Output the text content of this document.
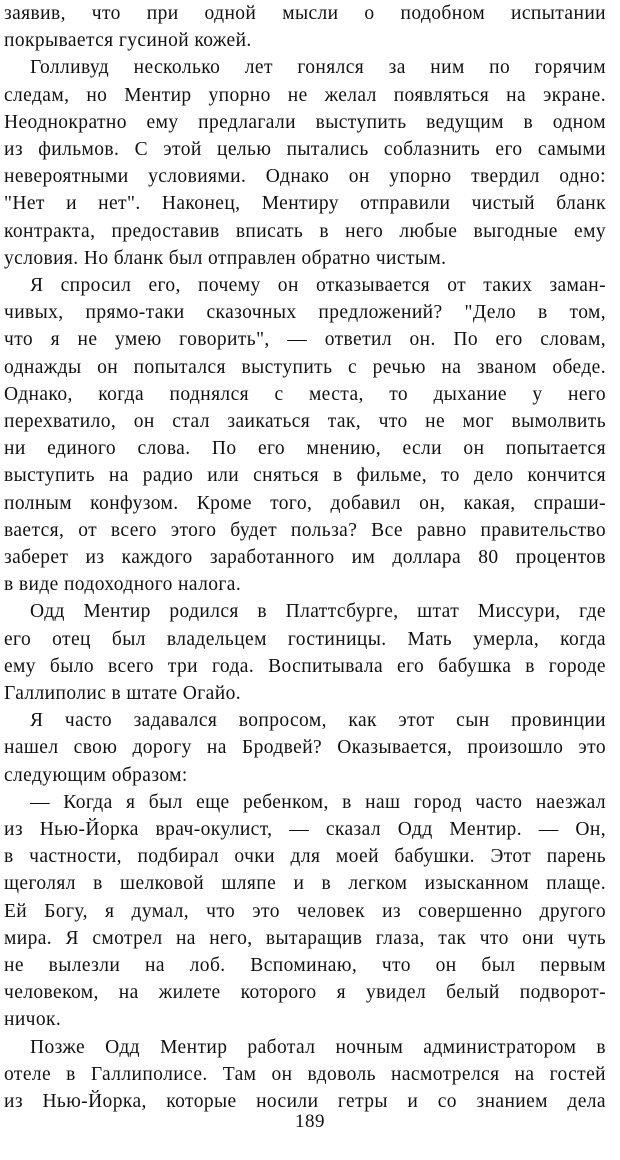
заявив, что при одной мысли о подобном испытании
покрывается гусиной кожей.
Голливуд несколько лет гонялся за ним по горячим
следам, но Ментир упорно не желал появляться на экране.
Неоднократно ему предлагали выступить ведущим в одном
из фильмов. С этой целью пытались соблазнить его самыми
невероятными условиями. Однако он упорно твердил одно:
"Нет и нет". Наконец, Ментиру отправили чистый бланк
контракта, предоставив вписать в него любые выгодные ему
условия. Но бланк был отправлен обратно чистым.
Я спросил его, почему он отказывается от таких заман-
чивых, прямо-таки сказочных предложений? "Дело в том,
что я не умею говорить", — ответил он. По его словам,
однажды он попытался выступить с речью на званом обеде.
Однако, когда поднялся с места, то дыхание у него
перехватило, он стал заикаться так, что не мог вымолвить
ни единого слова. По его мнению, если он попытается
выступить на радио или сняться в фильме, то дело кончится
полным конфузом. Кроме того, добавил он, какая, спраши-
вается, от всего этого будет польза? Все равно правительство
заберет из каждого заработанного им доллара 80 процентов
в виде подоходного налога.
Одд Ментир родился в Платтсбурге, штат Миссури, где
его отец был владельцем гостиницы. Мать умерла, когда
ему было всего три года. Воспитывала его бабушка в городе
Галлиполис в штате Огайо.
Я часто задавался вопросом, как этот сын провинции
нашел свою дорогу на Бродвей? Оказывается, произошло это
следующим образом:
— Когда я был еще ребенком, в наш город часто наезжал
из Нью-Йорка врач-окулист, — сказал Одд Ментир. — Он,
в частности, подбирал очки для моей бабушки. Этот парень
щеголял в шелковой шляпе и в легком изысканном плаще.
Ей Богу, я думал, что это человек из совершенно другого
мира. Я смотрел на него, вытаращив глаза, так что они чуть
не вылезли на лоб. Вспоминаю, что он был первым
человеком, на жилете которого я увидел белый подворот-
ничок.
Позже Одд Ментир работал ночным администратором в
отеле в Галлиполисе. Там он вдоволь насмотрелся на гостей
из Нью-Йорка, которые носили гетры и со знанием дела
189
